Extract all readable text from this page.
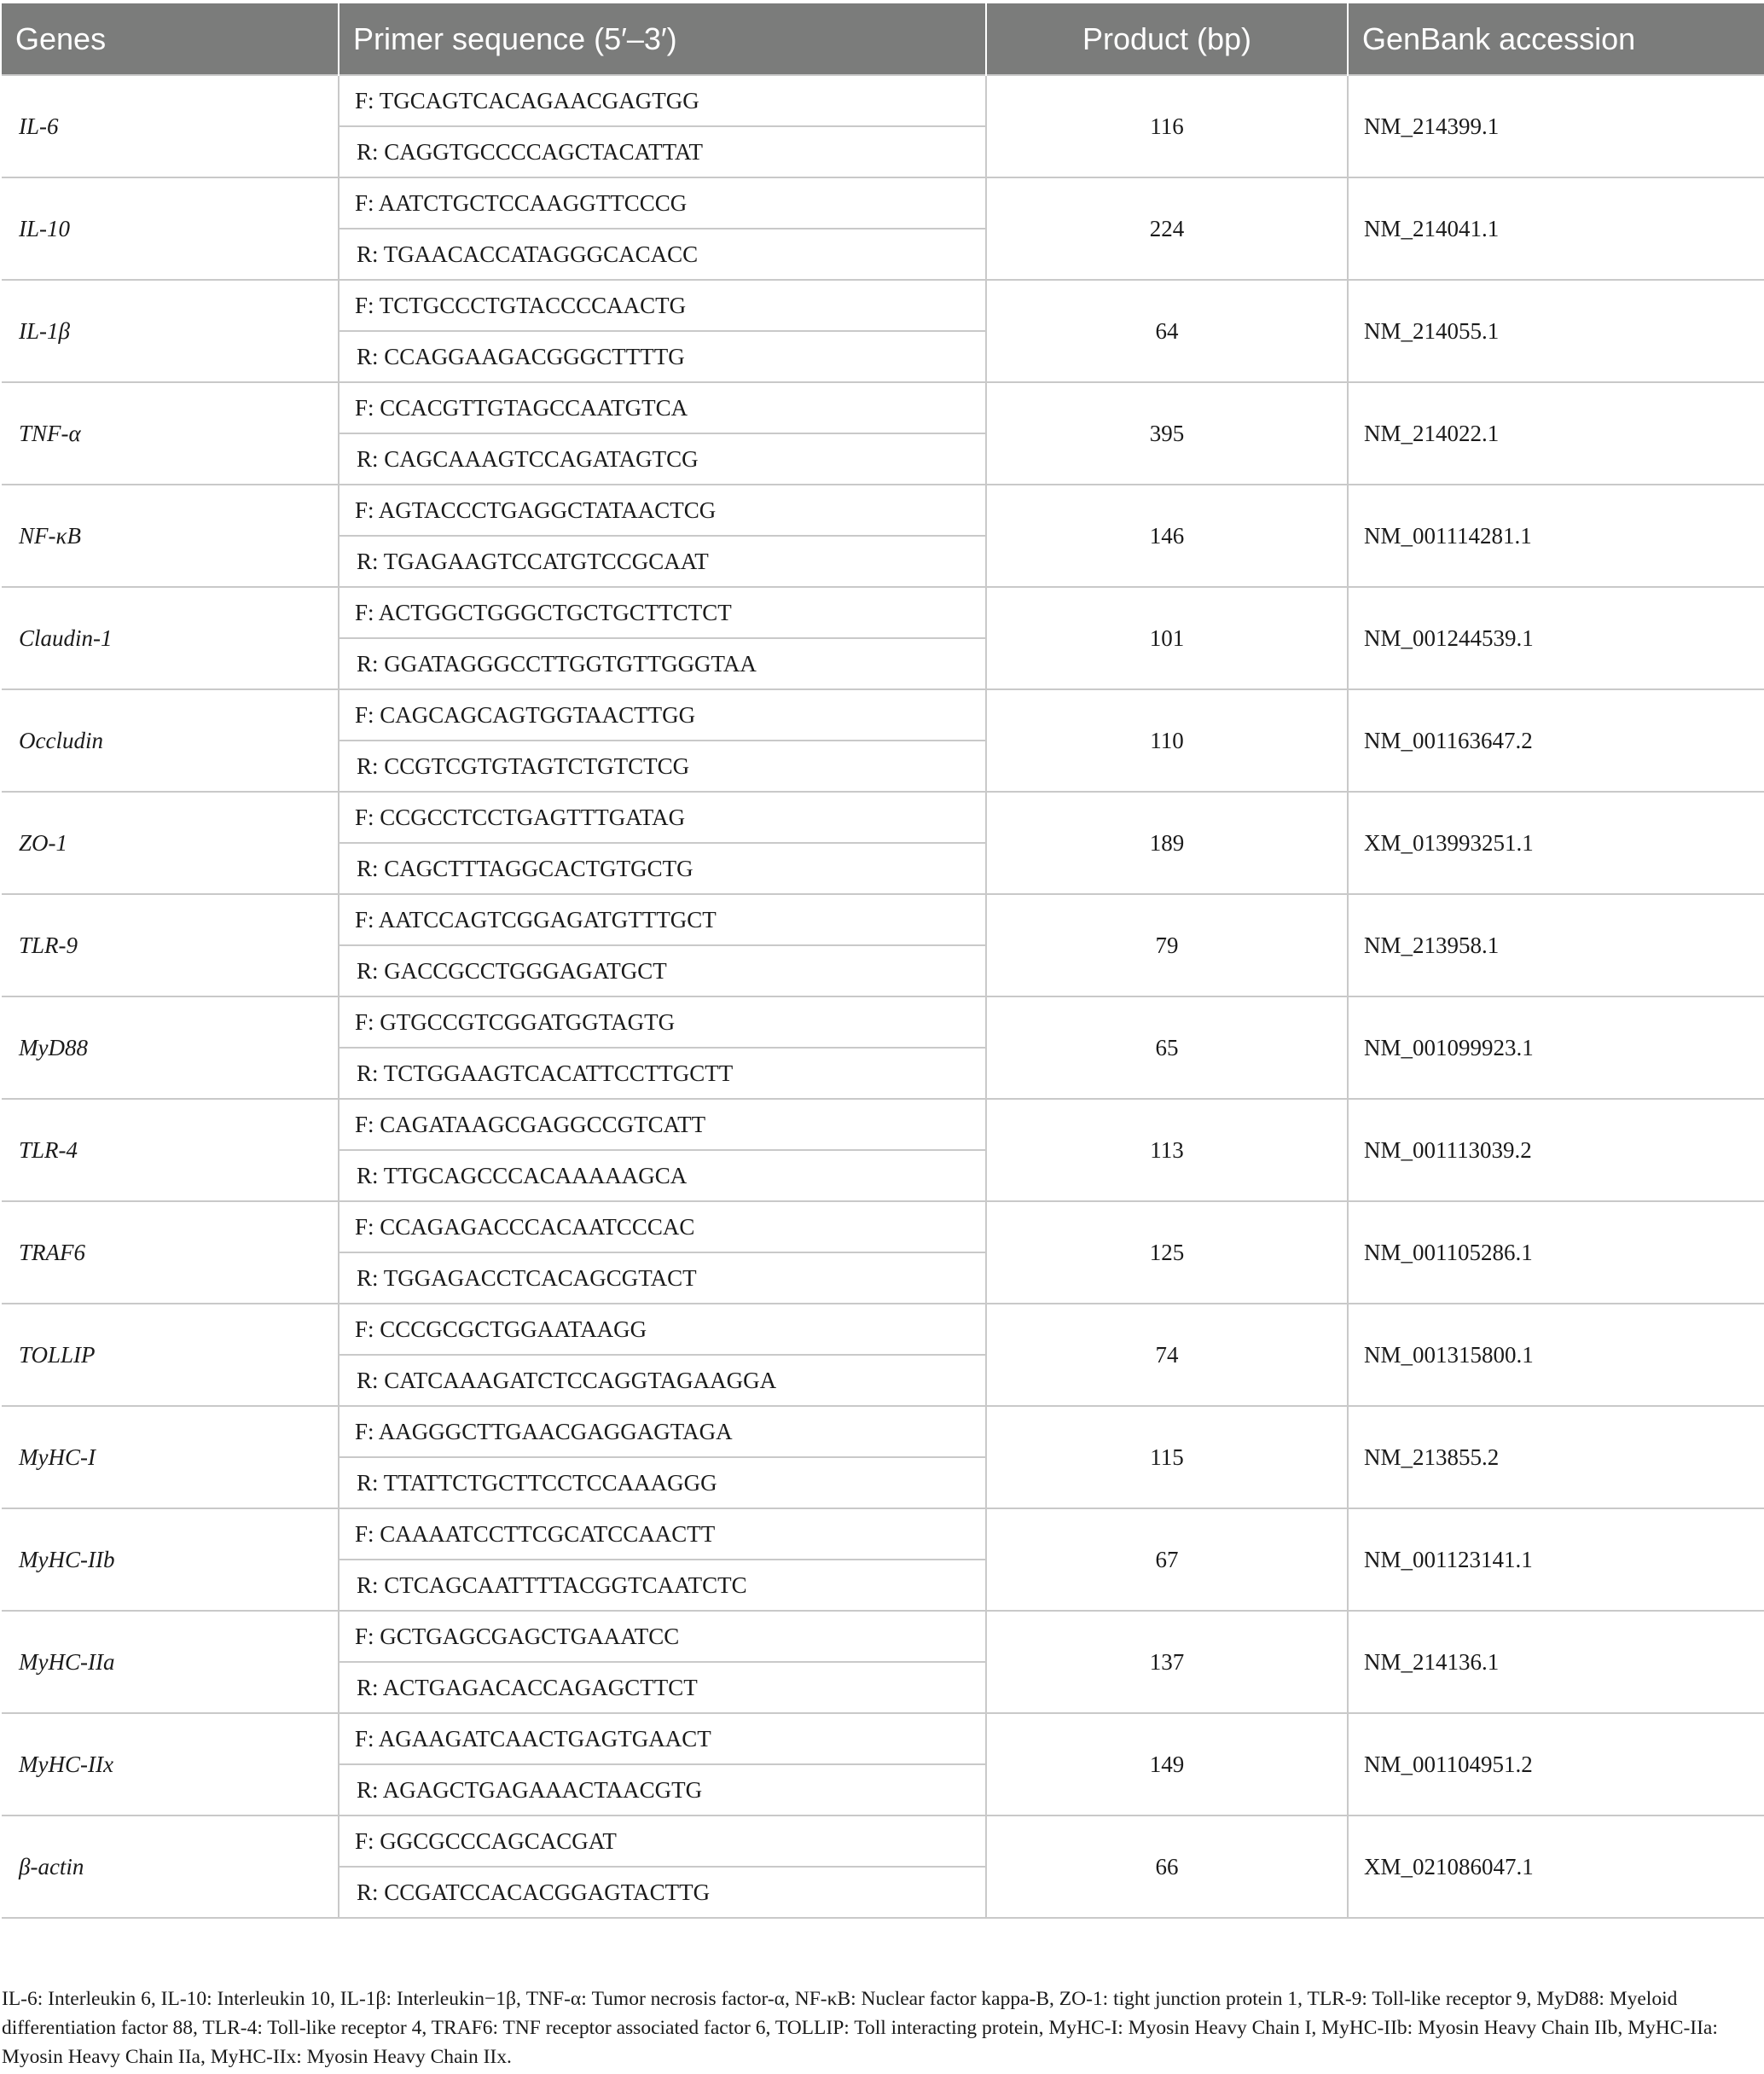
Genes	Primer sequence (5′–3′)	Product (bp)	GenBank accession
IL-6	F: TGCAGTCACAGAACGAGTGG	116	NM_214399.1
	R: CAGGTGCCCCAGCTACATTAT		
IL-10	F: AATCTGCTCCAAGGTTCCCG	224	NM_214041.1
	R: TGAACACCATAGGGCACACC		
IL-1β	F: TCTGCCCTGTACCCCAACTG	64	NM_214055.1
	R: CCAGGAAGACGGGCTTTTG		
TNF-α	F: CCACGTTGTAGCCAATGTCA	395	NM_214022.1
	R: CAGCAAAGTCCAGATAGTCG		
NF-κB	F: AGTACCCTGAGGCTATAACTCG	146	NM_001114281.1
	R: TGAGAAGTCCATGTCCGCAAT		
Claudin-1	F: ACTGGCTGGGCTGCTGCTTCTCT	101	NM_001244539.1
	R: GGATAGGGCCTTGGTGTTGGGTAA		
Occludin	F: CAGCAGCAGTGGTAACTTGG	110	NM_001163647.2
	R: CCGTCGTGTAGTCTGTCTCG		
ZO-1	F: CCGCCTCCTGAGTTTGATAG	189	XM_013993251.1
	R: CAGCTTTAGGCACTGTGCTG		
TLR-9	F: AATCCAGTCGGAGATGTTTGCT	79	NM_213958.1
	R: GACCGCCTGGGAGATGCT		
MyD88	F: GTGCCGTCGGATGGTAGTG	65	NM_001099923.1
	R: TCTGGAAGTCACATTCCTTGCTT		
TLR-4	F: CAGATAAGCGAGGCCGTCATT	113	NM_001113039.2
	R: TTGCAGCCCACAAAAAGCA		
TRAF6	F: CCAGAGACCCACAATCCCAC	125	NM_001105286.1
	R: TGGAGACCTCACAGCGTACT		
TOLLIP	F: CCCGCGCTGGAATAAGG	74	NM_001315800.1
	R: CATCAAAGATCTCCAGGTAGAAGGA		
MyHC-I	F: AAGGGCTTGAACGAGGAGTAGA	115	NM_213855.2
	R: TTATTCTGCTTCCTCCAAAGGG		
MyHC-IIb	F: CAAAATCCTTCGCATCCAACTT	67	NM_001123141.1
	R: CTCAGCAATTTTACGGTCAATCTC		
MyHC-IIa	F: GCTGAGCGAGCTGAAATCC	137	NM_214136.1
	R: ACTGAGACACCAGAGCTTCT		
MyHC-IIx	F: AGAAGATCAACTGAGTGAACT	149	NM_001104951.2
	R: AGAGCTGAGAAACTAACGTG		
β-actin	F: GGCGCCCAGCACGAT	66	XM_021086047.1
	R: CCGATCCACACGGAGTACTTG		

IL-6: Interleukin 6, IL-10: Interleukin 10, IL-1β: Interleukin−1β, TNF-α: Tumor necrosis factor-α, NF-κB: Nuclear factor kappa-B, ZO-1: tight junction protein 1, TLR-9: Toll-like receptor 9, MyD88: Myeloid differentiation factor 88, TLR-4: Toll-like receptor 4, TRAF6: TNF receptor associated factor 6, TOLLIP: Toll interacting protein, MyHC-I: Myosin Heavy Chain I, MyHC-IIb: Myosin Heavy Chain IIb, MyHC-IIa: Myosin Heavy Chain IIa, MyHC-IIx: Myosin Heavy Chain IIx.
